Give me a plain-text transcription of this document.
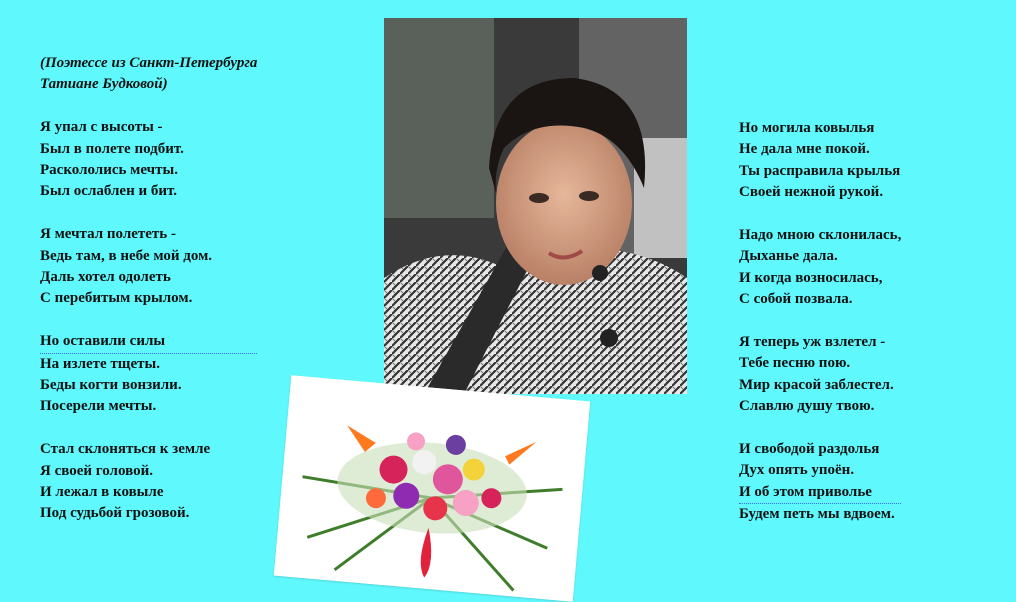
(Поэтессе из Санкт-Петербурга
Татиане Будковой)
Я упал с высоты -
Был в полете подбит.
Раскололись мечты.
Был ослаблен и бит.
Я мечтал полететь -
Ведь там, в небе мой дом.
Даль хотел одолеть
С перебитым крылом.
Но оставили силы
На излете тщеты.
Беды когти вонзили.
Посерели мечты.
Стал склоняться к земле
Я своей головой.
И лежал в ковыле
Под судьбой грозовой.
Но могила ковылья
Не дала мне покой.
Ты расправила крылья
Своей нежной рукой.
Надо мною склонилась,
Дыханье дала.
И когда возносилась,
С собой позвала.
Я теперь уж взлетел -
Тебе песню пою.
Мир красой заблестел.
Славлю душу твою.
И свободой раздолья
Дух опять упоён.
И об этом приволье
Будем петь мы вдвоем.
